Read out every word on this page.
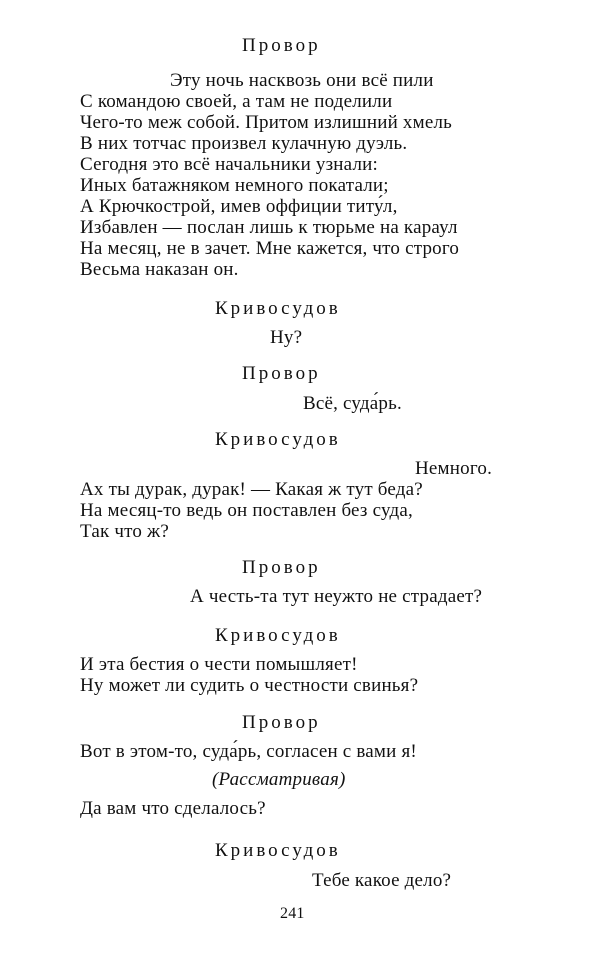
Провор
Эту ночь насквозь они всё пили
С командою своей, а там не поделили
Чего-то меж собой. Притом излишний хмель
В них тотчас произвел кулачную дуэль.
Сегодня это всё начальники узнали:
Иных батажняком немного покатали;
А Крючкострой, имев оффиции титу́л,
Избавлен — послан лишь к тюрьме на караул
На месяц, не в зачет. Мне кажется, что строго
Весьма наказан он.
Кривосудов
Ну?
Провор
Всё, суда́рь.
Кривосудов
Немного.
Ах ты дурак, дурак! — Какая ж тут беда?
На месяц-то ведь он поставлен без суда,
Так что ж?
Провор
А честь-та тут неужто не страдает?
Кривосудов
И эта бестия о чести помышляет!
Ну может ли судить о честности свинья?
Провор
Вот в этом-то, суда́рь, согласен с вами я!
(Рассматривая)
Да вам что сделалось?
Кривосудов
Тебе какое дело?
241
